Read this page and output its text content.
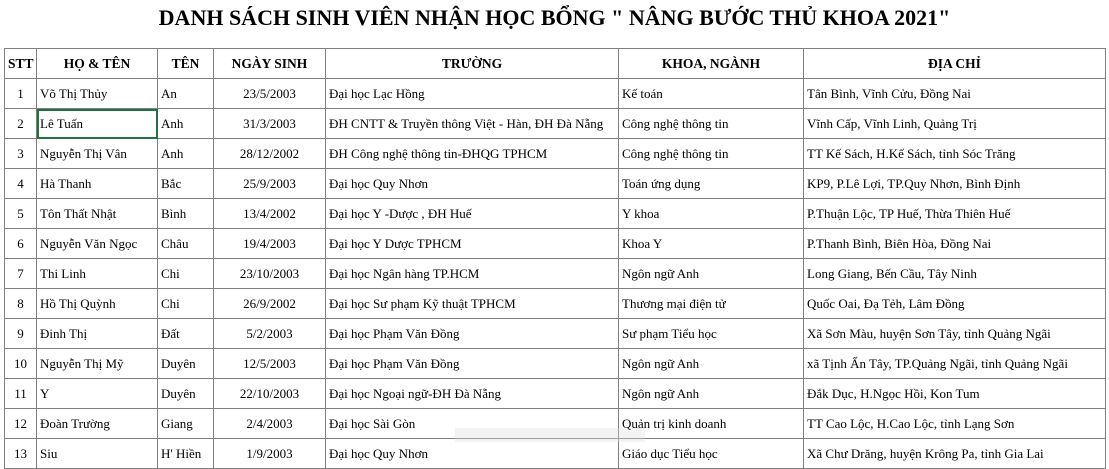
DANH SÁCH SINH VIÊN NHẬN HỌC BỔNG " NÂNG BƯỚC THỦ KHOA 2021"
STT	HỌ & TÊN	TÊN	NGÀY SINH	TRƯỜNG	KHOA, NGÀNH	ĐỊA CHỈ
1	Võ Thị Thủy	An	23/5/2003	Đại học Lạc Hồng	Kế toán	Tân Bình, Vĩnh Cửu, Đồng Nai
2	Lê Tuấn	Anh	31/3/2003	ĐH CNTT & Truyền thông Việt - Hàn, ĐH Đà Nẵng	Công nghệ thông tin	Vĩnh Cấp, Vĩnh Linh, Quảng Trị
3	Nguyễn Thị Vân	Anh	28/12/2002	ĐH Công nghệ thông tin-ĐHQG TPHCM	Công nghệ thông tin	TT Kế Sách, H.Kế Sách, tỉnh Sóc Trăng
4	Hà Thanh	Bắc	25/9/2003	Đại học Quy Nhơn	Toán ứng dụng	KP9, P.Lê Lợi, TP.Quy Nhơn, Bình Định
5	Tôn Thất Nhật	Bình	13/4/2002	Đại học Y -Dược , ĐH Huế	Y khoa	P.Thuận Lộc, TP Huế, Thừa Thiên Huế
6	Nguyễn Văn Ngọc	Châu	19/4/2003	Đại học Y Dược TPHCM	Khoa Y	P.Thanh Bình, Biên Hòa, Đồng Nai
7	Thi Linh	Chi	23/10/2003	Đại học Ngân hàng TP.HCM	Ngôn ngữ Anh	Long Giang, Bến Cầu, Tây Ninh
8	Hồ Thị Quỳnh	Chi	26/9/2002	Đại học Sư phạm Kỹ thuật TPHCM	Thương mại điện tử	Quốc Oai, Đạ Tẻh, Lâm Đồng
9	Đinh Thị	Đất	5/2/2003	Đại học Phạm Văn Đồng	Sư phạm Tiểu học	Xã Sơn Màu, huyện Sơn Tây, tỉnh Quảng Ngãi
10	Nguyễn Thị Mỹ	Duyên	12/5/2003	Đại học Phạm Văn Đồng	Ngôn ngữ Anh	xã Tịnh Ấn Tây, TP.Quảng Ngãi, tỉnh Quảng Ngãi
11	Y	Duyên	22/10/2003	Đại học Ngoại ngữ-ĐH Đà Nẵng	Ngôn ngữ Anh	Đắk Dục, H.Ngọc Hồi, Kon Tum
12	Đoàn Trường	Giang	2/4/2003	Đại học Sài Gòn	Quản trị kinh doanh	TT Cao Lộc, H.Cao Lộc, tỉnh Lạng Sơn
13	Siu	H' Hiền	1/9/2003	Đại học Quy Nhơn	Giáo dục Tiểu học	Xã Chư Drăng, huyện Krông Pa, tỉnh Gia Lai
